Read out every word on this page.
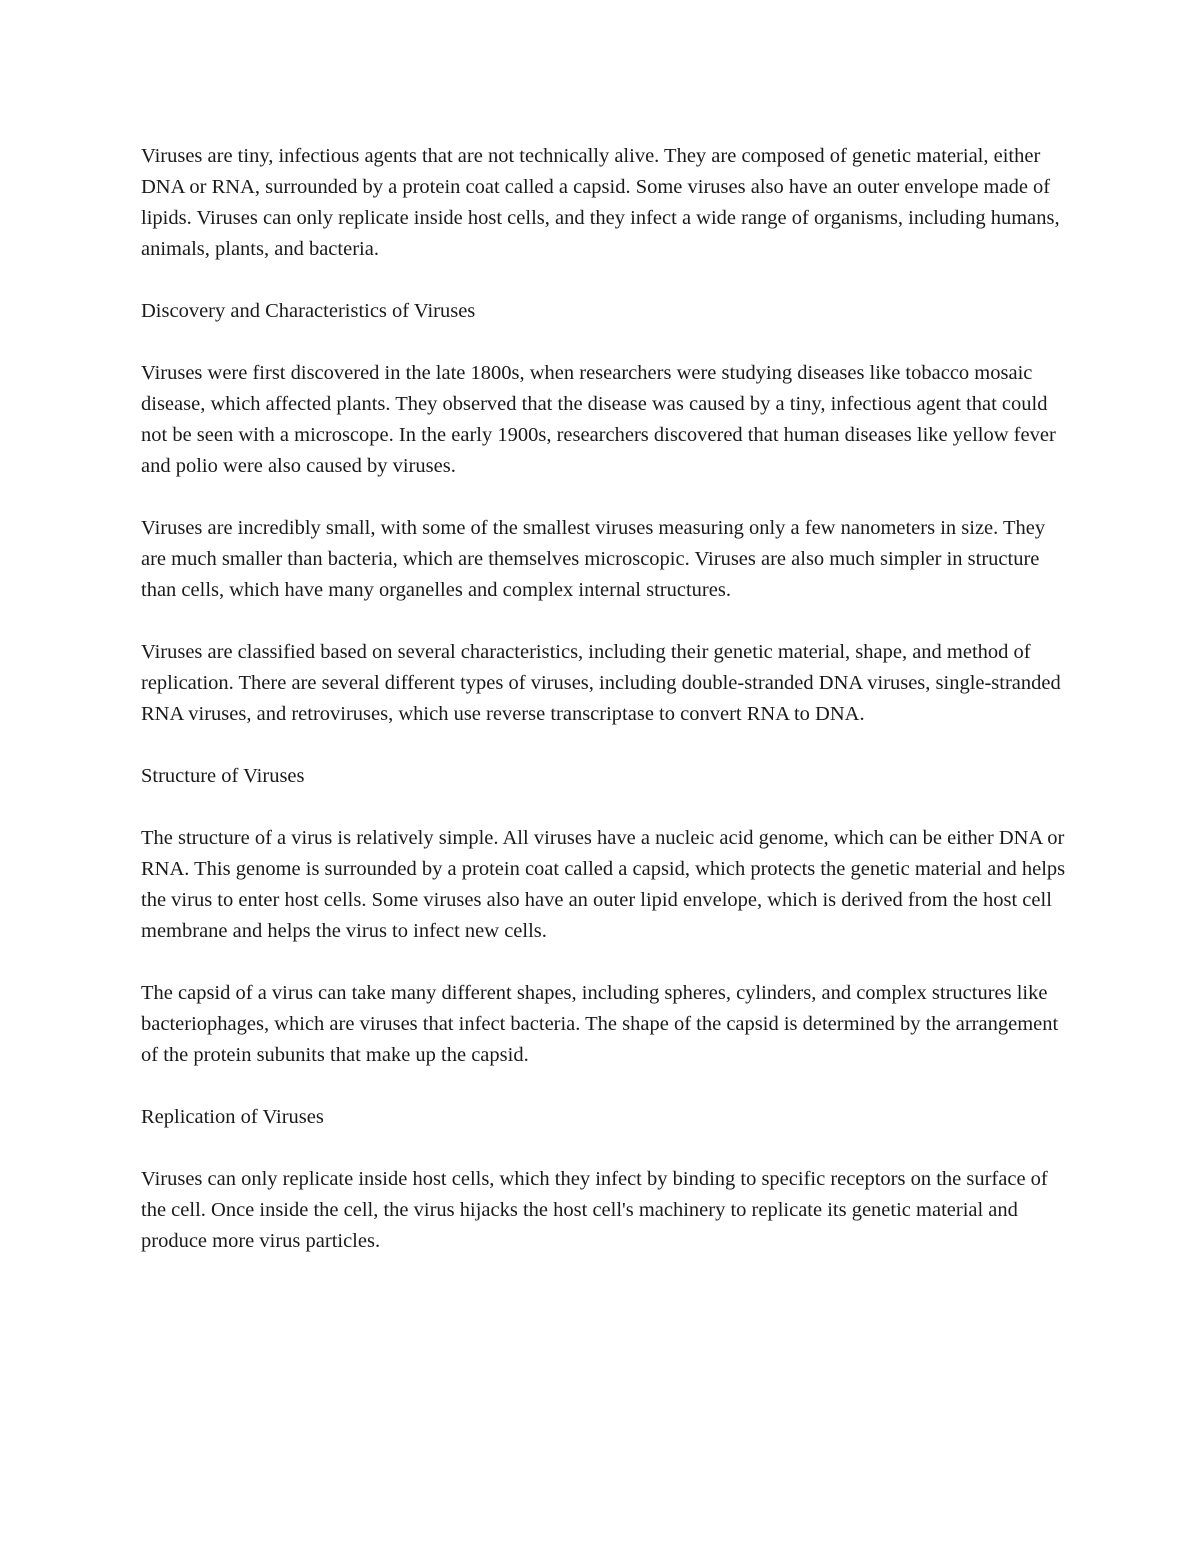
Viruses are tiny, infectious agents that are not technically alive. They are composed of genetic material, either DNA or RNA, surrounded by a protein coat called a capsid. Some viruses also have an outer envelope made of lipids. Viruses can only replicate inside host cells, and they infect a wide range of organisms, including humans, animals, plants, and bacteria.

Discovery and Characteristics of Viruses

Viruses were first discovered in the late 1800s, when researchers were studying diseases like tobacco mosaic disease, which affected plants. They observed that the disease was caused by a tiny, infectious agent that could not be seen with a microscope. In the early 1900s, researchers discovered that human diseases like yellow fever and polio were also caused by viruses.

Viruses are incredibly small, with some of the smallest viruses measuring only a few nanometers in size. They are much smaller than bacteria, which are themselves microscopic. Viruses are also much simpler in structure than cells, which have many organelles and complex internal structures.

Viruses are classified based on several characteristics, including their genetic material, shape, and method of replication. There are several different types of viruses, including double-stranded DNA viruses, single-stranded RNA viruses, and retroviruses, which use reverse transcriptase to convert RNA to DNA.

Structure of Viruses

The structure of a virus is relatively simple. All viruses have a nucleic acid genome, which can be either DNA or RNA. This genome is surrounded by a protein coat called a capsid, which protects the genetic material and helps the virus to enter host cells. Some viruses also have an outer lipid envelope, which is derived from the host cell membrane and helps the virus to infect new cells.

The capsid of a virus can take many different shapes, including spheres, cylinders, and complex structures like bacteriophages, which are viruses that infect bacteria. The shape of the capsid is determined by the arrangement of the protein subunits that make up the capsid.

Replication of Viruses

Viruses can only replicate inside host cells, which they infect by binding to specific receptors on the surface of the cell. Once inside the cell, the virus hijacks the host cell's machinery to replicate its genetic material and produce more virus particles.
